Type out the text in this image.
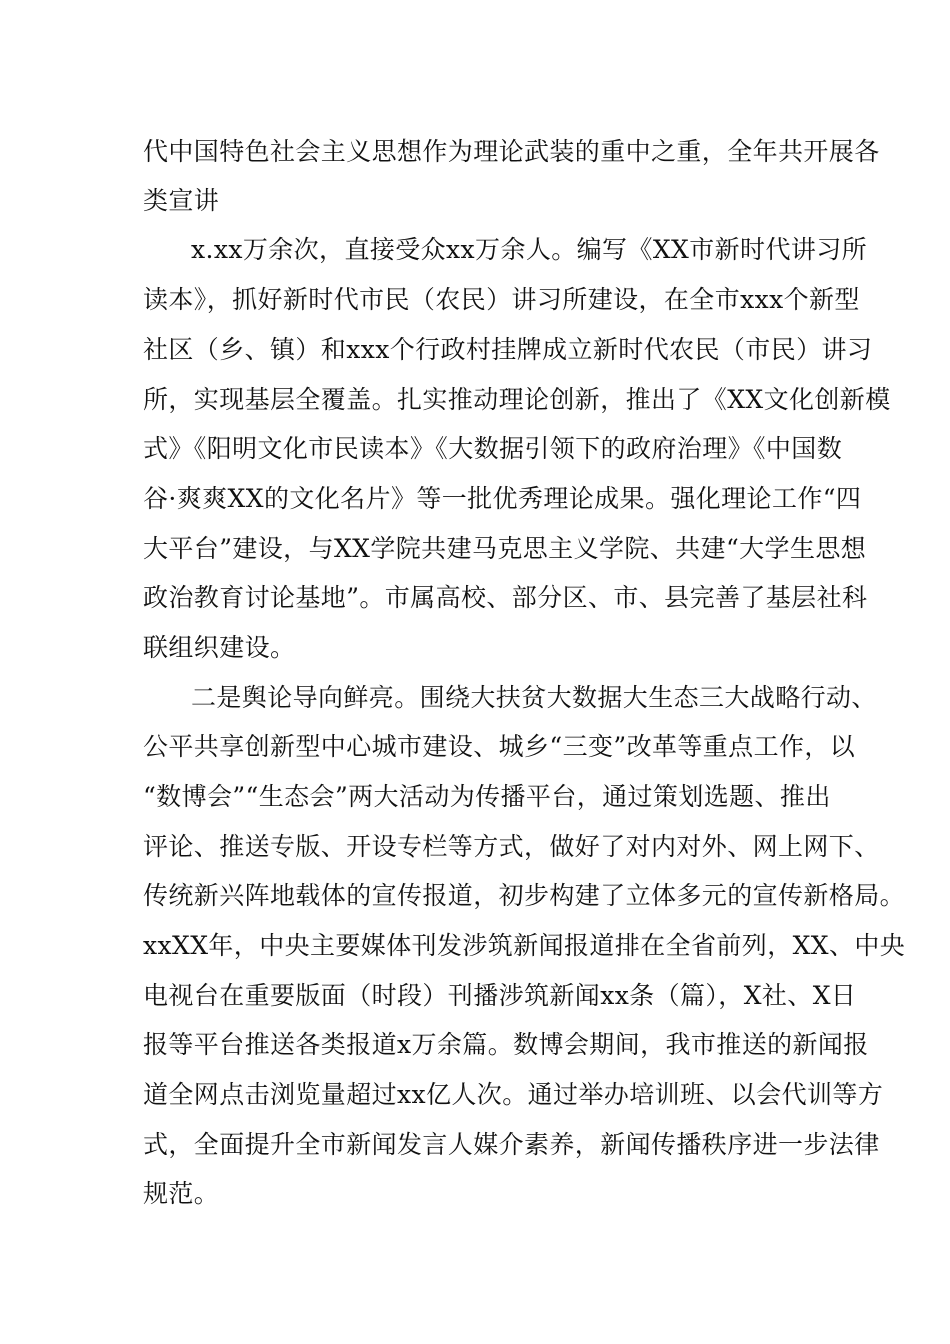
代中国特色社会主义思想作为理论武装的重中之重，全年共开展各
类宣讲
x.xx万余次，直接受众xx万余人。编写《XX市新时代讲习所
读本》，抓好新时代市民（农民）讲习所建设，在全市xxx个新型
社区（乡、镇）和xxx个行政村挂牌成立新时代农民（市民）讲习
所，实现基层全覆盖。扎实推动理论创新，推出了《XX文化创新模
式》《阳明文化市民读本》《大数据引领下的政府治理》《中国数
谷·爽爽XX的文化名片》等一批优秀理论成果。强化理论工作“四
大平台”建设，与XX学院共建马克思主义学院、共建“大学生思想
政治教育讨论基地”。市属高校、部分区、市、县完善了基层社科
联组织建设。
二是舆论导向鲜亮。围绕大扶贫大数据大生态三大战略行动、
公平共享创新型中心城市建设、城乡“三变”改革等重点工作，以
“数博会”“生态会”两大活动为传播平台，通过策划选题、推出
评论、推送专版、开设专栏等方式，做好了对内对外、网上网下、
传统新兴阵地载体的宣传报道，初步构建了立体多元的宣传新格局。
xxXX年，中央主要媒体刊发涉筑新闻报道排在全省前列，XX、中央
电视台在重要版面（时段）刊播涉筑新闻xx条（篇），X社、X日
报等平台推送各类报道x万余篇。数博会期间，我市推送的新闻报
道全网点击浏览量超过xx亿人次。通过举办培训班、以会代训等方
式，全面提升全市新闻发言人媒介素养，新闻传播秩序进一步法律
规范。
